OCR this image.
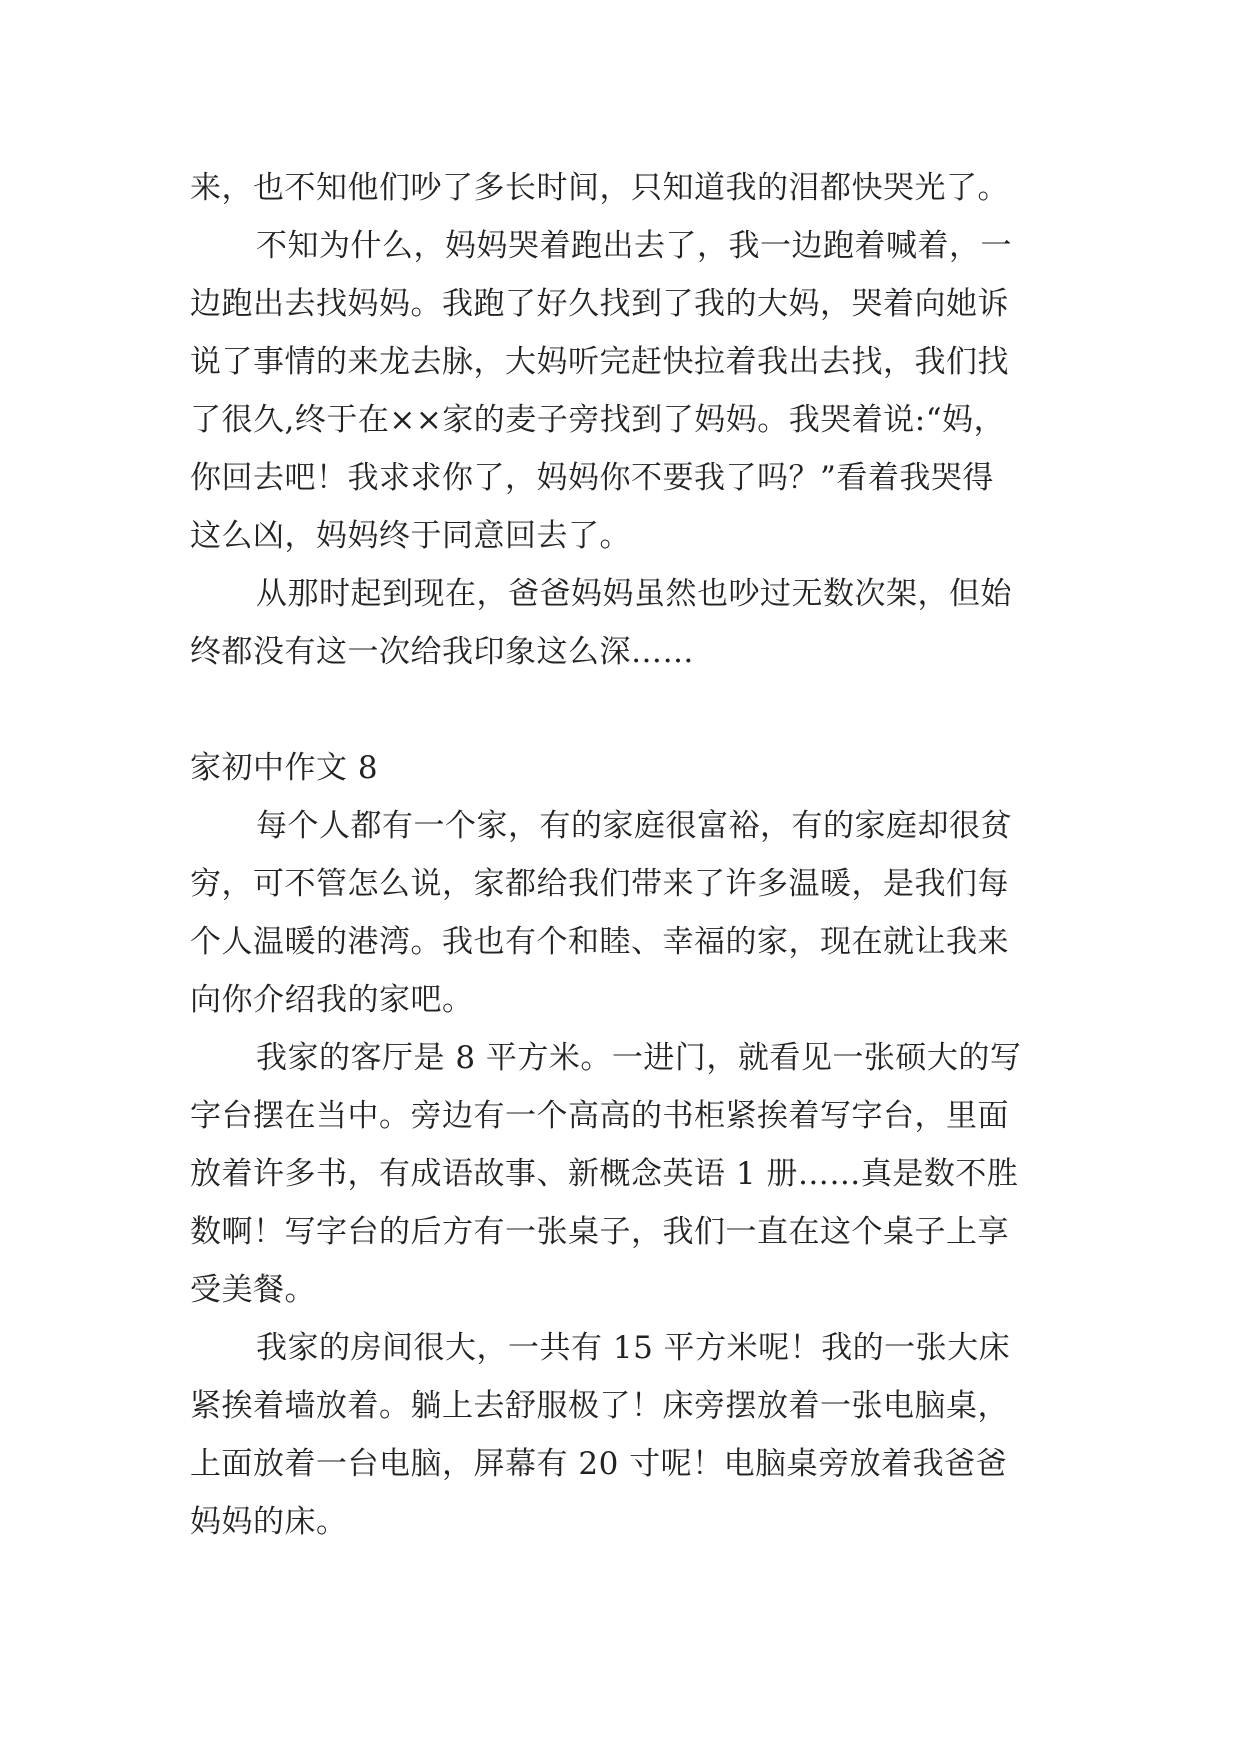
来，也不知他们吵了多长时间，只知道我的泪都快哭光了。
不知为什么，妈妈哭着跑出去了，我一边跑着喊着，一
边跑出去找妈妈。我跑了好久找到了我的大妈，哭着向她诉
说了事情的来龙去脉，大妈听完赶快拉着我出去找，我们找
了很久,终于在××家的麦子旁找到了妈妈。我哭着说:“妈，
你回去吧！我求求你了，妈妈你不要我了吗？”看着我哭得
这么凶，妈妈终于同意回去了。
从那时起到现在，爸爸妈妈虽然也吵过无数次架，但始
终都没有这一次给我印象这么深……
家初中作文 8
每个人都有一个家，有的家庭很富裕，有的家庭却很贫
穷，可不管怎么说，家都给我们带来了许多温暖，是我们每
个人温暖的港湾。我也有个和睦、幸福的家，现在就让我来
向你介绍我的家吧。
我家的客厅是 8 平方米。一进门，就看见一张硕大的写
字台摆在当中。旁边有一个高高的书柜紧挨着写字台，里面
放着许多书，有成语故事、新概念英语 1 册……真是数不胜
数啊！写字台的后方有一张桌子，我们一直在这个桌子上享
受美餐。
我家的房间很大，一共有 15 平方米呢！我的一张大床
紧挨着墙放着。躺上去舒服极了！床旁摆放着一张电脑桌，
上面放着一台电脑，屏幕有 20 寸呢！电脑桌旁放着我爸爸
妈妈的床。
